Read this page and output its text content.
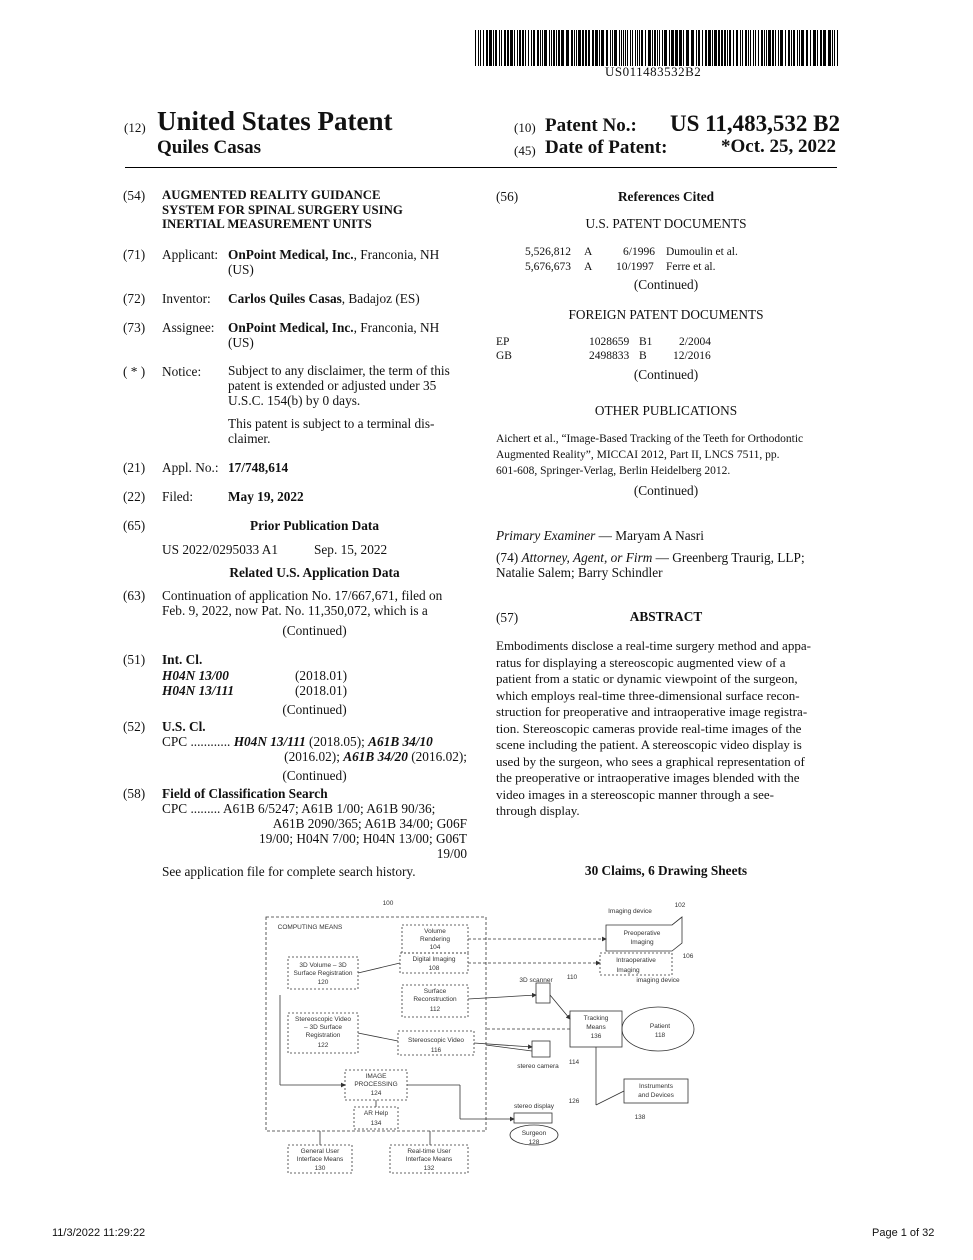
US011483532B2
(12) United States Patent
Quiles Casas
(10) Patent No.: US 11,483,532 B2
(45) Date of Patent:	*Oct. 25, 2022
(54) AUGMENTED REALITY GUIDANCE
SYSTEM FOR SPINAL SURGERY USING
INERTIAL MEASUREMENT UNITS
(71) Applicant: OnPoint Medical, Inc., Franconia, NH
(US)
(72) Inventor: Carlos Quiles Casas, Badajoz (ES)
(73) Assignee: OnPoint Medical, Inc., Franconia, NH
(US)
( * ) Notice: Subject to any disclaimer, the term of this
patent is extended or adjusted under 35
U.S.C. 154(b) by 0 days.
This patent is subject to a terminal dis-
claimer.
(21) Appl. No.: 17/748,614
(22) Filed:	May 19, 2022
(65)	Prior Publication Data
US 2022/0295033 A1	Sep. 15, 2022
Related U.S. Application Data
(63) Continuation of application No. 17/667,671, filed on
Feb. 9, 2022, now Pat. No. 11,350,072, which is a
(Continued)
(51) Int. Cl.
H04N 13/00	(2018.01)
H04N 13/111	(2018.01)
(Continued)
(52) U.S. Cl.
CPC ............ H04N 13/111 (2018.05); A61B 34/10
(2016.02); A61B 34/20 (2016.02);
(Continued)
(58) Field of Classification Search
CPC ......... A61B 6/5247; A61B 1/00; A61B 90/36;
A61B 2090/365; A61B 34/00; G06F
19/00; H04N 7/00; H04N 13/00; G06T
19/00
See application file for complete search history.
(56)	References Cited
U.S. PATENT DOCUMENTS
5,526,812 A	6/1996 Dumoulin et al.
5,676,673 A 10/1997 Ferre et al.
(Continued)
FOREIGN PATENT DOCUMENTS
EP	1028659 B1 2/2004
GB	2498833 B 12/2016
(Continued)
OTHER PUBLICATIONS
Aichert et al., “Image-Based Tracking of the Teeth for Orthodontic
Augmented Reality”, MICCAI 2012, Part II, LNCS 7511, pp.
601-608, Springer-Verlag, Berlin Heidelberg 2012.
(Continued)
Primary Examiner — Maryam A Nasri
(74) Attorney, Agent, or Firm — Greenberg Traurig, LLP;
Natalie Salem; Barry Schindler
(57)	ABSTRACT
Embodiments disclose a real-time surgery method and appa-
ratus for displaying a stereoscopic augmented view of a
patient from a static or dynamic viewpoint of the surgeon,
which employs real-time three-dimensional surface recon-
struction for preoperative and intraoperative image registra-
tion. Stereoscopic cameras provide real-time images of the
scene including the patient. A stereoscopic video display is
used by the surgeon, who sees a graphical representation of
the preoperative or intraoperative images blended with the
video images in a stereoscopic manner through a see-
through display.
30 Claims, 6 Drawing Sheets
100
COMPUTING MEANS
Volume
Rendering
104
Digital Imaging
108
3D Volume – 3D
Surface Registration
120
Surface
Reconstruction
112
Stereoscopic Video
– 3D Surface
Registration
122
Stereoscopic Video
116
IMAGE
PROCESSING
124
AR Help
134
General User
Interface Means
130
Real-time User
Interface Means
132
Imaging device
102
Preoperative
Imaging
Intraoperative
Imaging
106
imaging device
3D scanner 110
Tracking
Means
136
Patient
118
stereo camera
114
Instruments
and Devices
138
stereo display
126
Surgeon
128
11/3/2022 11:29:22	Page 1 of 32
